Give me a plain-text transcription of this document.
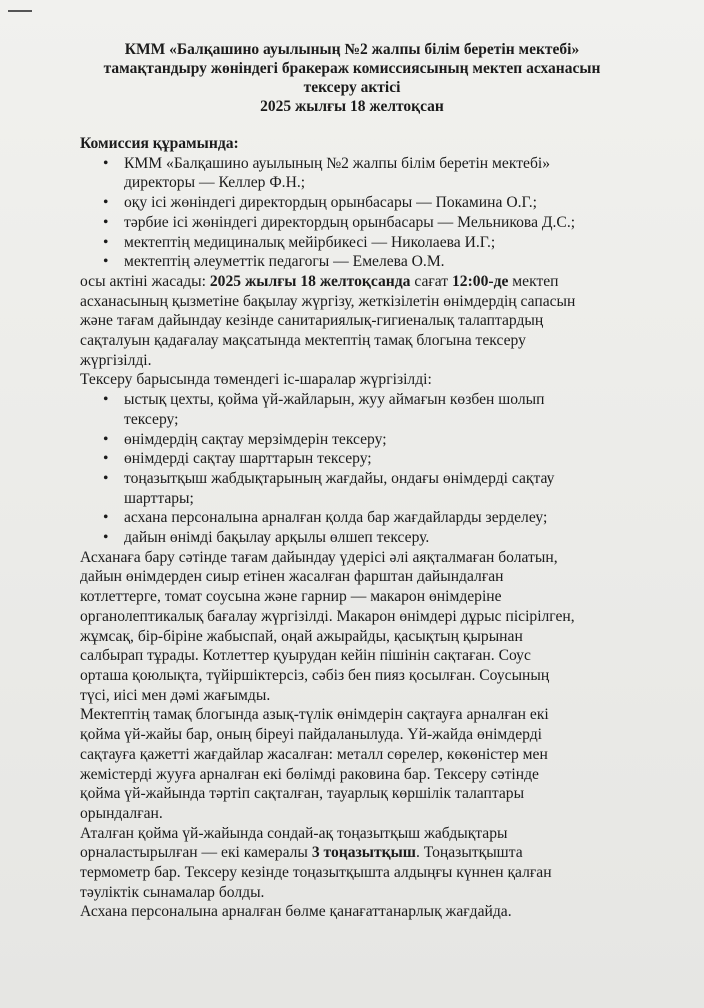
КММ «Балқашино ауылының №2 жалпы білім беретін мектебі»
тамақтандыру жөніндегі бракераж комиссиясының мектеп асханасын
тексеру актісі
2025 жылғы 18 желтоқсан

Комиссия құрамында:

• КММ «Балқашино ауылының №2 жалпы білім беретін мектебі»
директоры — Келлер Ф.Н.;
• оқу ісі жөніндегі директордың орынбасары — Покамина О.Г.;
• тәрбие ісі жөніндегі директордың орынбасары — Мельникова Д.С.;
• мектептің медициналық мейірбикесі — Николаева И.Г.;
• мектептің әлеуметтік педагогы — Емелева О.М.
осы актіні жасады: 2025 жылғы 18 желтоқсанда сағат 12:00-де мектеп
асханасының қызметіне бақылау жүргізу, жеткізілетін өнімдердің сапасын
және тағам дайындау кезінде санитариялық-гигиеналық талаптардың
сақталуын қадағалау мақсатында мектептің тамақ блогына тексеру
жүргізілді.
Тексеру барысында төмендегі іс-шаралар жүргізілді:
• ыстық цехты, қойма үй-жайларын, жуу аймағын көзбен шолып
тексеру;
• өнімдердің сақтау мерзімдерін тексеру;
• өнімдерді сақтау шарттарын тексеру;
• тоңазытқыш жабдықтарының жағдайы, ондағы өнімдерді сақтау
шарттары;
• асхана персоналына арналған қолда бар жағдайларды зерделеу;
• дайын өнімді бақылау арқылы өлшеп тексеру.
Асханаға бару сәтінде тағам дайындау үдерісі әлі аяқталмаған болатын,
дайын өнімдерден сиыр етінен жасалған фарштан дайындалған
котлеттерге, томат соусына және гарнир — макарон өнімдеріне
органолептикалық бағалау жүргізілді. Макарон өнімдері дұрыс пісірілген,
жұмсақ, бір-біріне жабыспай, оңай ажырайды, қасықтың қырынан
салбырап тұрады. Котлеттер қуырудан кейін пішінін сақтаған. Соус
орташа қоюлықта, түйіршіктерсіз, сәбіз бен пияз қосылған. Соусының
түсі, иісі мен дәмі жағымды.
Мектептің тамақ блогында азық-түлік өнімдерін сақтауға арналған екі
қойма үй-жайы бар, оның біреуі пайдаланылуда. Үй-жайда өнімдерді
сақтауға қажетті жағдайлар жасалған: металл сөрелер, көкөністер мен
жемістерді жууға арналған екі бөлімді раковина бар. Тексеру сәтінде
қойма үй-жайында тәртіп сақталған, тауарлық көршілік талаптары
орындалған.
Аталған қойма үй-жайында сондай-ақ тоңазытқыш жабдықтары
орналастырылған — екі камералы 3 тоңазытқыш. Тоңазытқышта
термометр бар. Тексеру кезінде тоңазытқышта алдыңғы күннен қалған
тәуліктік сынамалар болды.
Асхана персоналына арналған бөлме қанағаттанарлық жағдайда.
